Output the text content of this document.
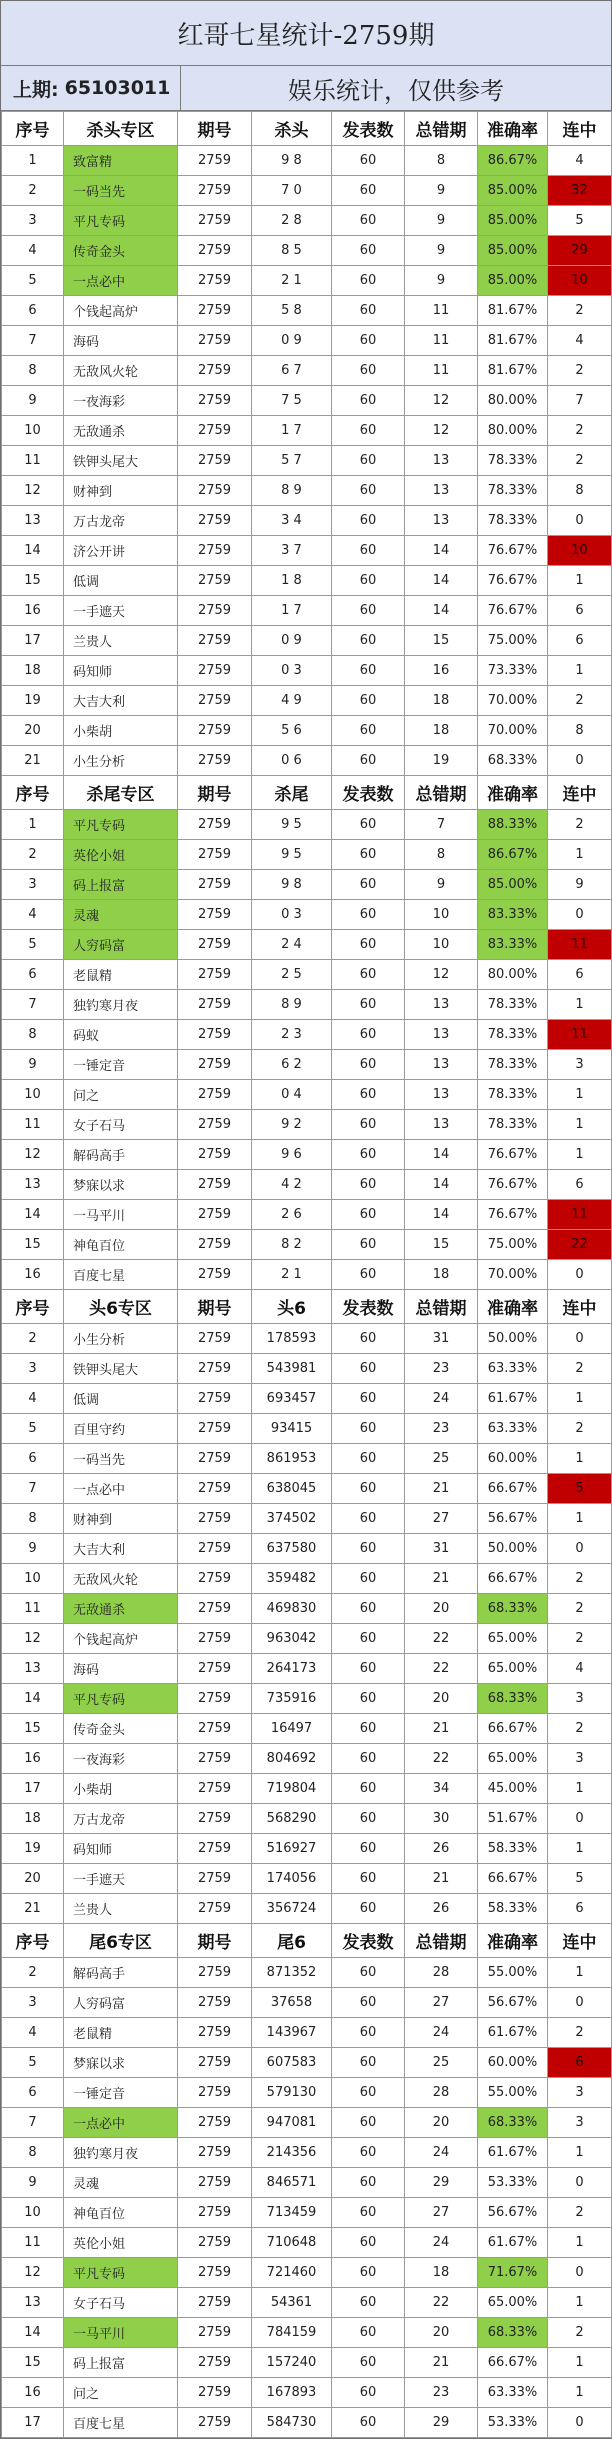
红哥七星统计-2759期
上期: 65103011	娱乐统计，仅供参考
序号	杀头专区	期号	杀头	发表数	总错期	准确率	连中
1	致富精	2759	9 8	60	8	86.67%	4
2	一码当先	2759	7 0	60	9	85.00%	32
3	平凡专码	2759	2 8	60	9	85.00%	5
4	传奇金头	2759	8 5	60	9	85.00%	29
5	一点必中	2759	2 1	60	9	85.00%	10
6	个钱起高炉	2759	5 8	60	11	81.67%	2
7	海码	2759	0 9	60	11	81.67%	4
8	无敌风火轮	2759	6 7	60	11	81.67%	2
9	一夜海彩	2759	7 5	60	12	80.00%	7
10	无敌通杀	2759	1 7	60	12	80.00%	2
11	铁钾头尾大	2759	5 7	60	13	78.33%	2
12	财神到	2759	8 9	60	13	78.33%	8
13	万古龙帝	2759	3 4	60	13	78.33%	0
14	济公开讲	2759	3 7	60	14	76.67%	10
15	低调	2759	1 8	60	14	76.67%	1
16	一手遮天	2759	1 7	60	14	76.67%	6
17	兰贵人	2759	0 9	60	15	75.00%	6
18	码知师	2759	0 3	60	16	73.33%	1
19	大吉大利	2759	4 9	60	18	70.00%	2
20	小柴胡	2759	5 6	60	18	70.00%	8
21	小生分析	2759	0 6	60	19	68.33%	0
序号	杀尾专区	期号	杀尾	发表数	总错期	准确率	连中
1	平凡专码	2759	9 5	60	7	88.33%	2
2	英伦小姐	2759	9 5	60	8	86.67%	1
3	码上报富	2759	9 8	60	9	85.00%	9
4	灵魂	2759	0 3	60	10	83.33%	0
5	人穷码富	2759	2 4	60	10	83.33%	11
6	老鼠精	2759	2 5	60	12	80.00%	6
7	独钓寒月夜	2759	8 9	60	13	78.33%	1
8	码蚁	2759	2 3	60	13	78.33%	11
9	一锤定音	2759	6 2	60	13	78.33%	3
10	问之	2759	0 4	60	13	78.33%	1
11	女子石马	2759	9 2	60	13	78.33%	1
12	解码高手	2759	9 6	60	14	76.67%	1
13	梦寐以求	2759	4 2	60	14	76.67%	6
14	一马平川	2759	2 6	60	14	76.67%	11
15	神龟百位	2759	8 2	60	15	75.00%	22
16	百度七星	2759	2 1	60	18	70.00%	0
序号	头6专区	期号	头6	发表数	总错期	准确率	连中
2	小生分析	2759	178593	60	31	50.00%	0
3	铁钾头尾大	2759	543981	60	23	63.33%	2
4	低调	2759	693457	60	24	61.67%	1
5	百里守约	2759	93415	60	23	63.33%	2
6	一码当先	2759	861953	60	25	60.00%	1
7	一点必中	2759	638045	60	21	66.67%	5
8	财神到	2759	374502	60	27	56.67%	1
9	大吉大利	2759	637580	60	31	50.00%	0
10	无敌风火轮	2759	359482	60	21	66.67%	2
11	无敌通杀	2759	469830	60	20	68.33%	2
12	个钱起高炉	2759	963042	60	22	65.00%	2
13	海码	2759	264173	60	22	65.00%	4
14	平凡专码	2759	735916	60	20	68.33%	3
15	传奇金头	2759	16497	60	21	66.67%	2
16	一夜海彩	2759	804692	60	22	65.00%	3
17	小柴胡	2759	719804	60	34	45.00%	1
18	万古龙帝	2759	568290	60	30	51.67%	0
19	码知师	2759	516927	60	26	58.33%	1
20	一手遮天	2759	174056	60	21	66.67%	5
21	兰贵人	2759	356724	60	26	58.33%	6
序号	尾6专区	期号	尾6	发表数	总错期	准确率	连中
2	解码高手	2759	871352	60	28	55.00%	1
3	人穷码富	2759	37658	60	27	56.67%	0
4	老鼠精	2759	143967	60	24	61.67%	2
5	梦寐以求	2759	607583	60	25	60.00%	6
6	一锤定音	2759	579130	60	28	55.00%	3
7	一点必中	2759	947081	60	20	68.33%	3
8	独钓寒月夜	2759	214356	60	24	61.67%	1
9	灵魂	2759	846571	60	29	53.33%	0
10	神龟百位	2759	713459	60	27	56.67%	2
11	英伦小姐	2759	710648	60	24	61.67%	1
12	平凡专码	2759	721460	60	18	71.67%	0
13	女子石马	2759	54361	60	22	65.00%	1
14	一马平川	2759	784159	60	20	68.33%	2
15	码上报富	2759	157240	60	21	66.67%	1
16	问之	2759	167893	60	23	63.33%	1
17	百度七星	2759	584730	60	29	53.33%	0
